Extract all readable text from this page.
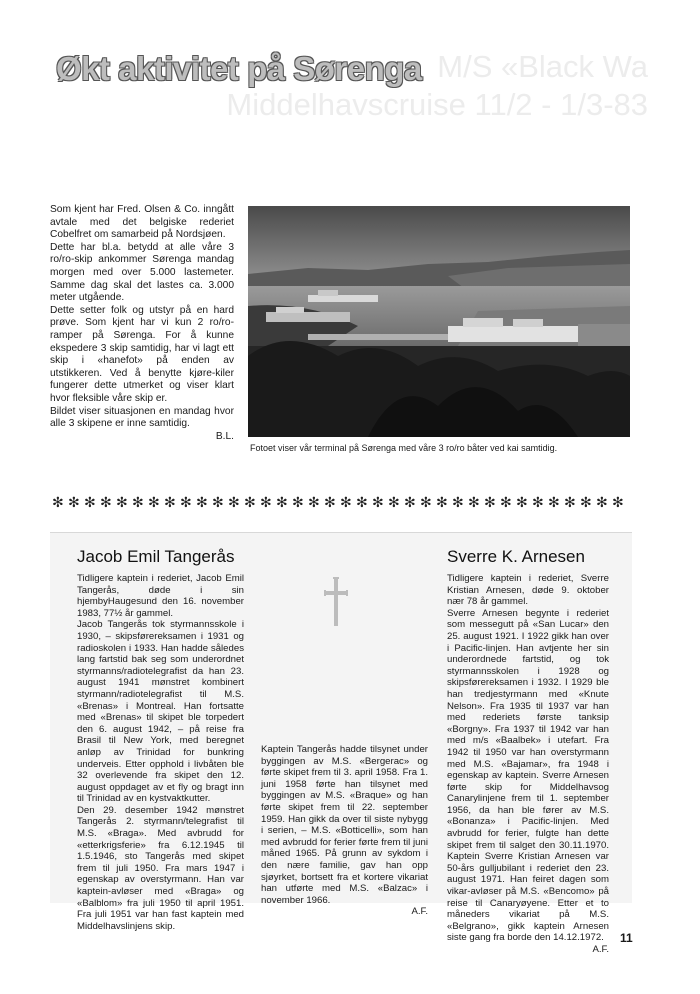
Økt aktivitet på Sørenga M/S «Black Wa
Middelhavscruise 11/2 - 1/3-83

Som kjent har Fred. Olsen & Co. inngått avtale med det belgiske rederiet Cobelfret om samarbeid på Nordsjøen.

Dette har bl.a. betydd at alle våre 3 ro/ro-skip ankommer Sørenga mandag morgen med over 5.000 lastemeter. Samme dag skal det lastes ca. 3.000 meter utgående.

Dette setter folk og utstyr på en hard prøve. Som kjent har vi kun 2 ro/ro-ramper på Sørenga. For å kunne ekspedere 3 skip samtidig, har vi lagt ett skip i «hanefot» på enden av utstikkeren. Ved å benytte kjøre-kiler fungerer dette utmerket og viser klart hvor fleksible våre skip er.

Bildet viser situasjonen en mandag hvor alle 3 skipene er inne samtidig.

B.L.

Fotoet viser vår terminal på Sørenga med våre 3 ro/ro båter ved kai samtidig.
✻ ✻ ✻ ✻ ✻ ✻ ✻ ✻ ✻ ✻ ✻ ✻ ✻ ✻ ✻ ✻ ✻ ✻ ✻ ✻ ✻ ✻ ✻ ✻ ✻ ✻ ✻ ✻ ✻ ✻ ✻ ✻ ✻ ✻ ✻ ✻
Jacob Emil Tangerås

Tidligere kaptein i rederiet, Jacob Emil Tangerås, døde i sin hjembyHaugesund den 16. november 1983, 77½ år gammel.

Jacob Tangerås tok styrmannsskole i 1930, – skipsførereksamen i 1931 og radioskolen i 1933. Han hadde således lang fartstid bak seg som underordnet styrmanns/radiotelegrafist da han 23. august 1941 mønstret kombinert styrmann/radiotelegrafist til M.S. «Brenas» i Montreal. Han fortsatte med «Brenas» til skipet ble torpedert den 6. august 1942, – på reise fra Brasil til New York, med beregnet anløp av Trinidad for bunkring underveis. Etter opphold i livbåten ble 32 overlevende fra skipet den 12. august oppdaget av et fly og bragt inn til Trinidad av en kystvaktkutter.

Den 29. desember 1942 mønstret Tangerås 2. styrmann/telegrafist til M.S. «Braga». Med avbrudd for «etterkrigsferie» fra 6.12.1945 til 1.5.1946, sto Tangerås med skipet frem til juli 1950. Fra mars 1947 i egenskap av overstyrmann. Han var kaptein-avløser med «Braga» og «Balblom» fra juli 1950 til april 1951. Fra juli 1951 var han fast kaptein med Middelhavslinjens skip.

Kaptein Tangerås hadde tilsynet under byggingen av M.S. «Bergerac» og førte skipet frem til 3. april 1958. Fra 1. juni 1958 førte han tilsynet med byggingen av M.S. «Braque» og han førte skipet frem til 22. september 1959. Han gikk da over til siste nybygg i serien, – M.S. «Botticelli», som han med avbrudd for ferier førte frem til juni måned 1965. På grunn av sykdom i den nære familie, gav han opp sjøyrket, bortsett fra et kortere vikariat han utførte med M.S. «Balzac» i november 1966.

A.F.

Sverre K. Arnesen

Tidligere kaptein i rederiet, Sverre Kristian Arnesen, døde 9. oktober nær 78 år gammel.

Sverre Arnesen begynte i rederiet som messegutt på «San Lucar» den 25. august 1921. I 1922 gikk han over i Pacific-linjen. Han avtjente her sin underordnede fartstid, og tok styrmannsskolen i 1928 og skipsførereksamen i 1932. I 1929 ble han tredjestyrmann med «Knute Nelson». Fra 1935 til 1937 var han med rederiets første tanksip «Borgny». Fra 1937 til 1942 var han med m/s «Baalbek» i utefart. Fra 1942 til 1950 var han overstyrmann med M.S. «Bajamar», fra 1948 i egenskap av kaptein. Sverre Arnesen førte skip for Middelhavsog Canarylinjene frem til 1. september 1956, da han ble fører av M.S. «Bonanza» i Pacific-linjen. Med avbrudd for ferier, fulgte han dette skipet frem til salget den 30.11.1970. Kaptein Sverre Kristian Arnesen var 50-års gulljubilant i rederiet den 23. august 1971. Han feiret dagen som vikar-avløser på M.S. «Bencomo» på reise til Canaryøyene. Etter et to måneders vikariat på M.S. «Belgrano», gikk kaptein Arnesen siste gang fra borde den 14.12.1972.

A.F.

11
